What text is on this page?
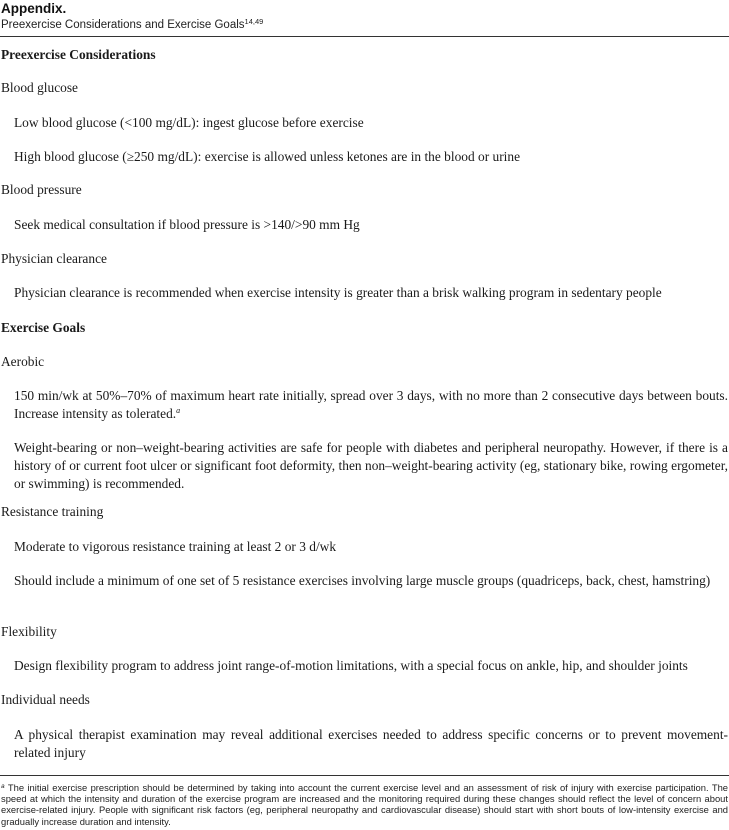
Appendix.
Preexercise Considerations and Exercise Goals$^{14,49}$
Preexercise Considerations
Blood glucose
Low blood glucose (<100 mg/dL): ingest glucose before exercise
High blood glucose (≥250 mg/dL): exercise is allowed unless ketones are in the blood or urine
Blood pressure
Seek medical consultation if blood pressure is >140/>90 mm Hg
Physician clearance
Physician clearance is recommended when exercise intensity is greater than a brisk walking program in sedentary people
Exercise Goals
Aerobic
150 min/wk at 50%–70% of maximum heart rate initially, spread over 3 days, with no more than 2 consecutive days between bouts. Increase intensity as tolerated.$^a$
Weight-bearing or non–weight-bearing activities are safe for people with diabetes and peripheral neuropathy. However, if there is a history of or current foot ulcer or significant foot deformity, then non–weight-bearing activity (eg, stationary bike, rowing ergometer, or swimming) is recommended.
Resistance training
Moderate to vigorous resistance training at least 2 or 3 d/wk
Should include a minimum of one set of 5 resistance exercises involving large muscle groups (quadriceps, back, chest, hamstring)
Flexibility
Design flexibility program to address joint range-of-motion limitations, with a special focus on ankle, hip, and shoulder joints
Individual needs
A physical therapist examination may reveal additional exercises needed to address specific concerns or to prevent movement-related injury
$^a$ The initial exercise prescription should be determined by taking into account the current exercise level and an assessment of risk of injury with exercise participation. The speed at which the intensity and duration of the exercise program are increased and the monitoring required during these changes should reflect the level of concern about exercise-related injury. People with significant risk factors (eg, peripheral neuropathy and cardiovascular disease) should start with short bouts of low-intensity exercise and gradually increase duration and intensity.
